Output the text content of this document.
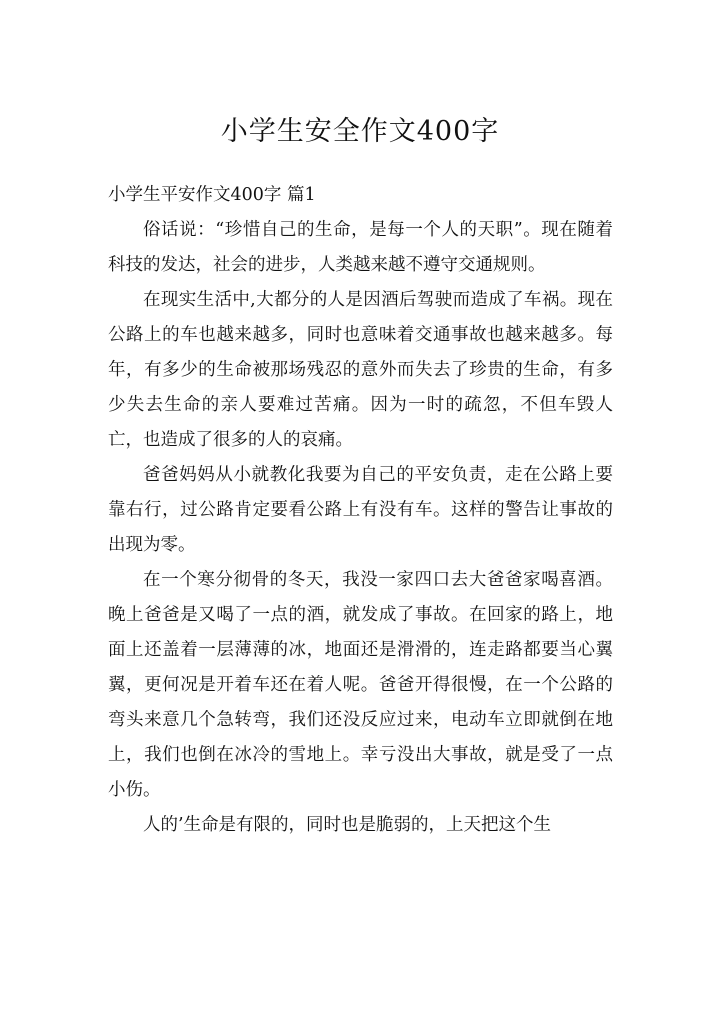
小学生安全作文400字

小学生平安作文400字 篇1

俗话说：“珍惜自己的生命，是每一个人的天职”。现在随着科技的发达，社会的进步，人类越来越不遵守交通规则。

在现实生活中,大都分的人是因酒后驾驶而造成了车祸。现在公路上的车也越来越多，同时也意味着交通事故也越来越多。每年，有多少的生命被那场残忍的意外而失去了珍贵的生命，有多少失去生命的亲人要难过苦痛。因为一时的疏忽，不但车毁人亡，也造成了很多的人的哀痛。

爸爸妈妈从小就教化我要为自己的平安负责，走在公路上要靠右行，过公路肯定要看公路上有没有车。这样的警告让事故的出现为零。

在一个寒分彻骨的冬天，我没一家四口去大爸爸家喝喜酒。晚上爸爸是又喝了一点的酒，就发成了事故。在回家的路上，地面上还盖着一层薄薄的冰，地面还是滑滑的，连走路都要当心翼翼，更何况是开着车还在着人呢。爸爸开得很慢，在一个公路的弯头来意几个急转弯，我们还没反应过来，电动车立即就倒在地上，我们也倒在冰冷的雪地上。幸亏没出大事故，就是受了一点小伤。

人的’生命是有限的，同时也是脆弱的，上天把这个生
